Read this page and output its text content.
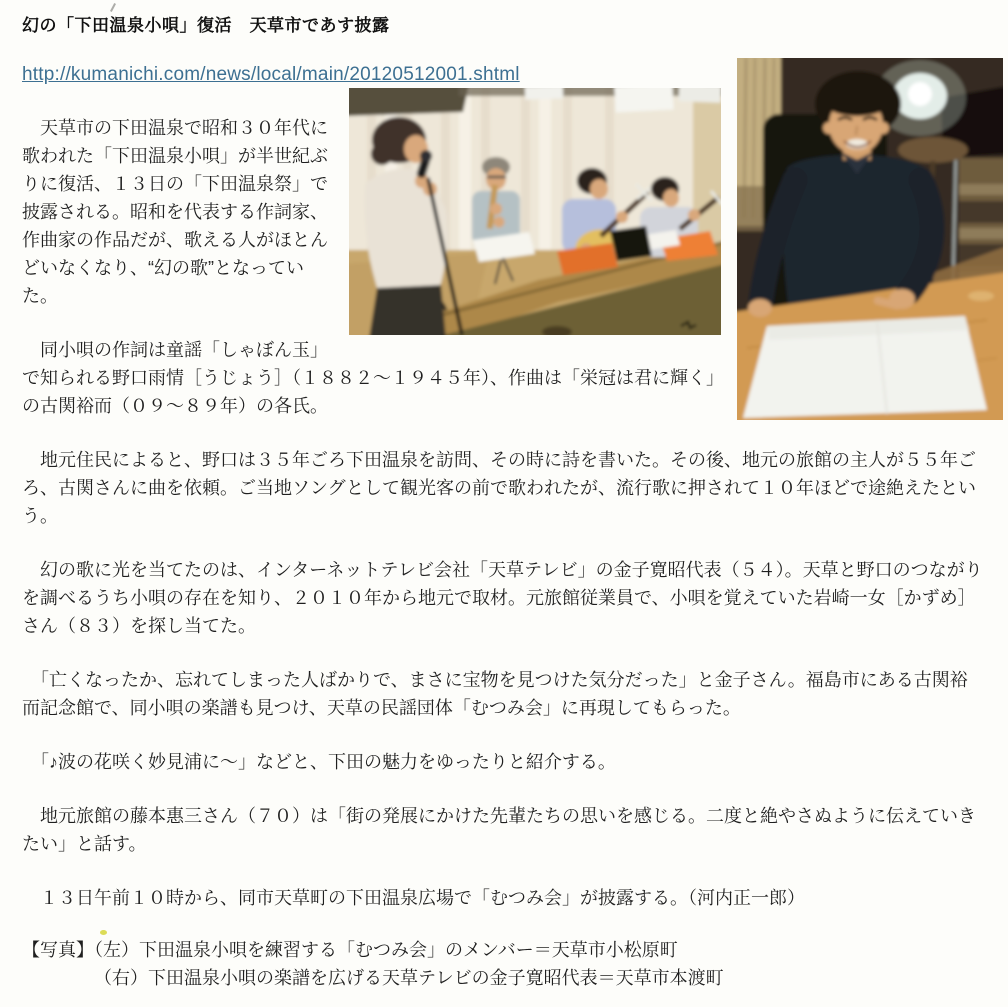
幻の「下田温泉小唄」復活　天草市であす披露

http://kumanichi.com/news/local/main/20120512001.shtml

　天草市の下田温泉で昭和３０年代に歌われた「下田温泉小唄」が半世紀ぶりに復活、１３日の「下田温泉祭」で披露される。昭和を代表する作詞家、作曲家の作品だが、歌える人がほとんどいなくなり、“幻の歌”となっていた。

　同小唄の作詞は童謡「しゃぼん玉」で知られる野口雨情［うじょう］（１８８２～１９４５年）、作曲は「栄冠は君に輝く」の古関裕而（０９～８９年）の各氏。

　地元住民によると、野口は３５年ごろ下田温泉を訪問、その時に詩を書いた。その後、地元の旅館の主人が５５年ごろ、古関さんに曲を依頼。ご当地ソングとして観光客の前で歌われたが、流行歌に押されて１０年ほどで途絶えたという。

　幻の歌に光を当てたのは、インターネットテレビ会社「天草テレビ」の金子寛昭代表（５４）。天草と野口のつながりを調べるうち小唄の存在を知り、２０１０年から地元で取材。元旅館従業員で、小唄を覚えていた岩崎一女［かずめ］さん（８３）を探し当てた。

　「亡くなったか、忘れてしまった人ばかりで、まさに宝物を見つけた気分だった」と金子さん。福島市にある古関裕而記念館で、同小唄の楽譜も見つけ、天草の民謡団体「むつみ会」に再現してもらった。

　「♪波の花咲く妙見浦に～」などと、下田の魅力をゆったりと紹介する。

　地元旅館の藤本惠三さん（７０）は「街の発展にかけた先輩たちの思いを感じる。二度と絶やさぬように伝えていきたい」と話す。

　１３日午前１０時から、同市天草町の下田温泉広場で「むつみ会」が披露する。（河内正一郎）

【写真】（左）下田温泉小唄を練習する「むつみ会」のメンバー＝天草市小松原町
（右）下田温泉小唄の楽譜を広げる天草テレビの金子寛昭代表＝天草市本渡町
